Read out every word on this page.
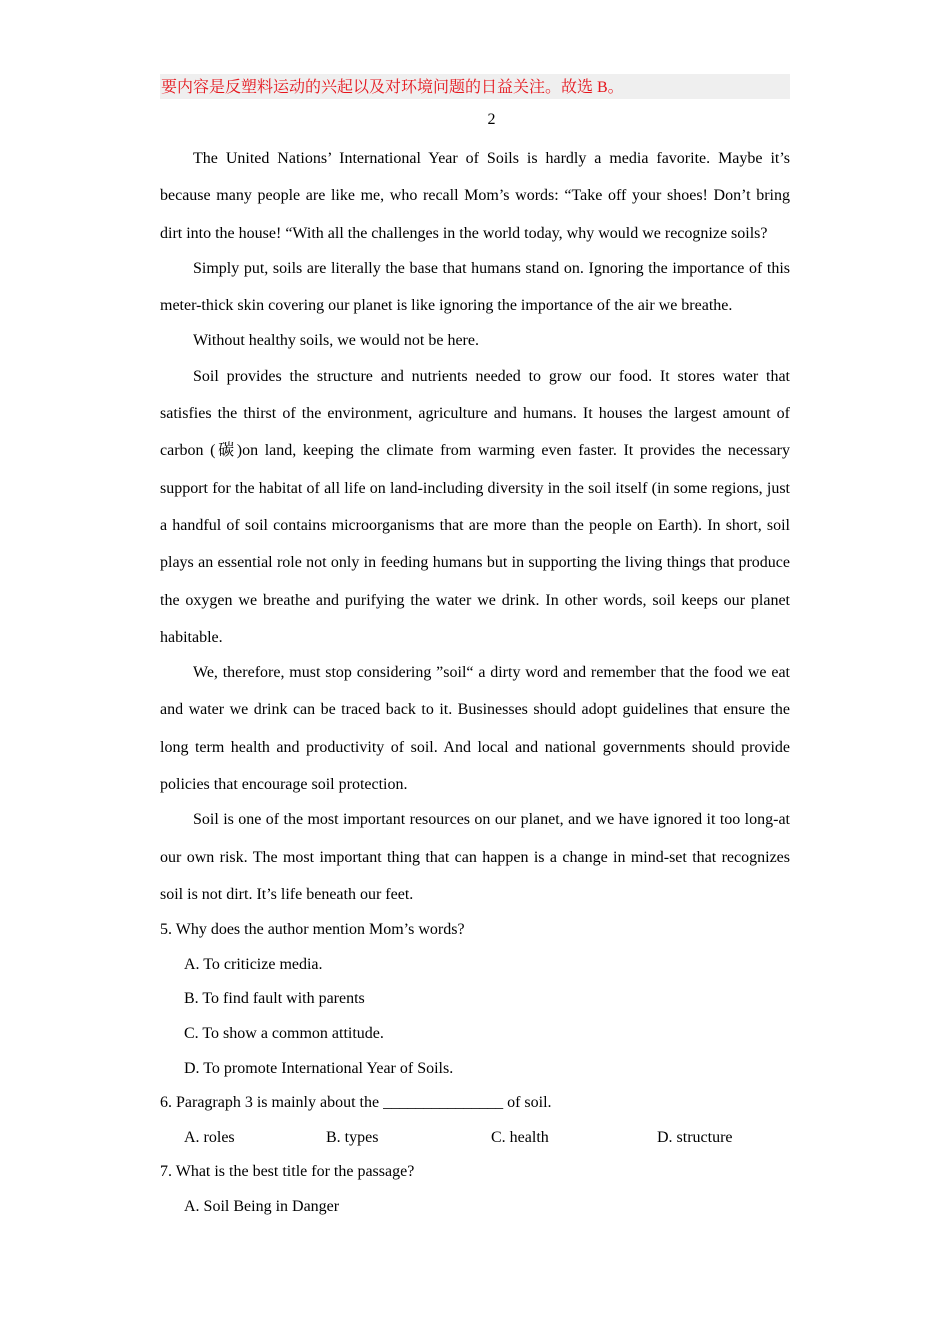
要内容是反塑料运动的兴起以及对环境问题的日益关注。故选 B。
2

The United Nations’ International Year of Soils is hardly a media favorite. Maybe it’s because many people are like me, who recall Mom’s words: “Take off your shoes! Don’t bring dirt into the house! “With all the challenges in the world today, why would we recognize soils?

Simply put, soils are literally the base that humans stand on. Ignoring the importance of this meter-thick skin covering our planet is like ignoring the importance of the air we breathe.

Without healthy soils, we would not be here.

Soil provides the structure and nutrients needed to grow our food. It stores water that satisfies the thirst of the environment, agriculture and humans. It houses the largest amount of carbon (碳)on land, keeping the climate from warming even faster. It provides the necessary support for the habitat of all life on land-including diversity in the soil itself (in some regions, just a handful of soil contains microorganisms that are more than the people on Earth). In short, soil plays an essential role not only in feeding humans but in supporting the living things that produce the oxygen we breathe and purifying the water we drink. In other words, soil keeps our planet habitable.

We, therefore, must stop considering ”soil“ a dirty word and remember that the food we eat and water we drink can be traced back to it. Businesses should adopt guidelines that ensure the long term health and productivity of soil. And local and national governments should provide policies that encourage soil protection.

Soil is one of the most important resources on our planet, and we have ignored it too long-at our own risk. The most important thing that can happen is a change in mind-set that recognizes soil is not dirt. It’s life beneath our feet.

5. Why does the author mention Mom’s words?

A. To criticize media.

B. To find fault with parents

C. To show a common attitude.

D. To promote International Year of Soils.

6. Paragraph 3 is mainly about the _______________ of soil.

A. roles	B. types	C. health	D. structure

7. What is the best title for the passage?

A. Soil Being in Danger
